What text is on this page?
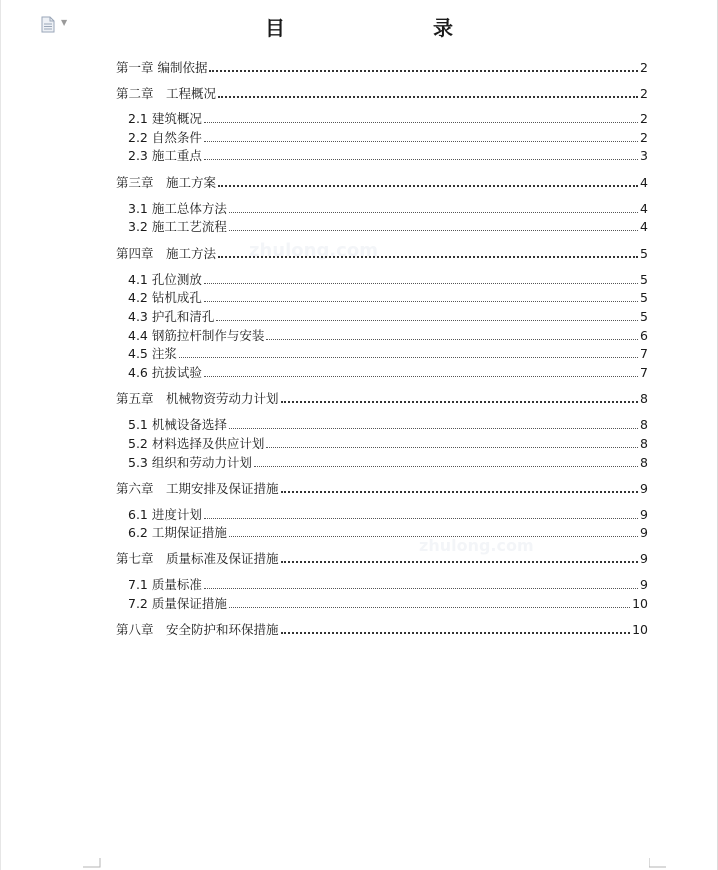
▼	目　　录
zhulong.com
zhulong.com
第一章 编制依据	2
第二章　工程概况	2
2.1 建筑概况	2
2.2 自然条件	2
2.3 施工重点	3
第三章　施工方案	4
3.1 施工总体方法	4
3.2 施工工艺流程	4
第四章　施工方法	5
4.1 孔位测放	5
4.2 钻机成孔	5
4.3 护孔和清孔	5
4.4 钢筋拉杆制作与安装	6
4.5 注浆	7
4.6 抗拔试验	7
第五章　机械物资劳动力计划	8
5.1 机械设备选择	8
5.2 材料选择及供应计划	8
5.3 组织和劳动力计划	8
第六章　工期安排及保证措施	9
6.1 进度计划	9
6.2 工期保证措施	9
第七章　质量标准及保证措施	9
7.1 质量标准	9
7.2 质量保证措施	10
第八章　安全防护和环保措施	10
